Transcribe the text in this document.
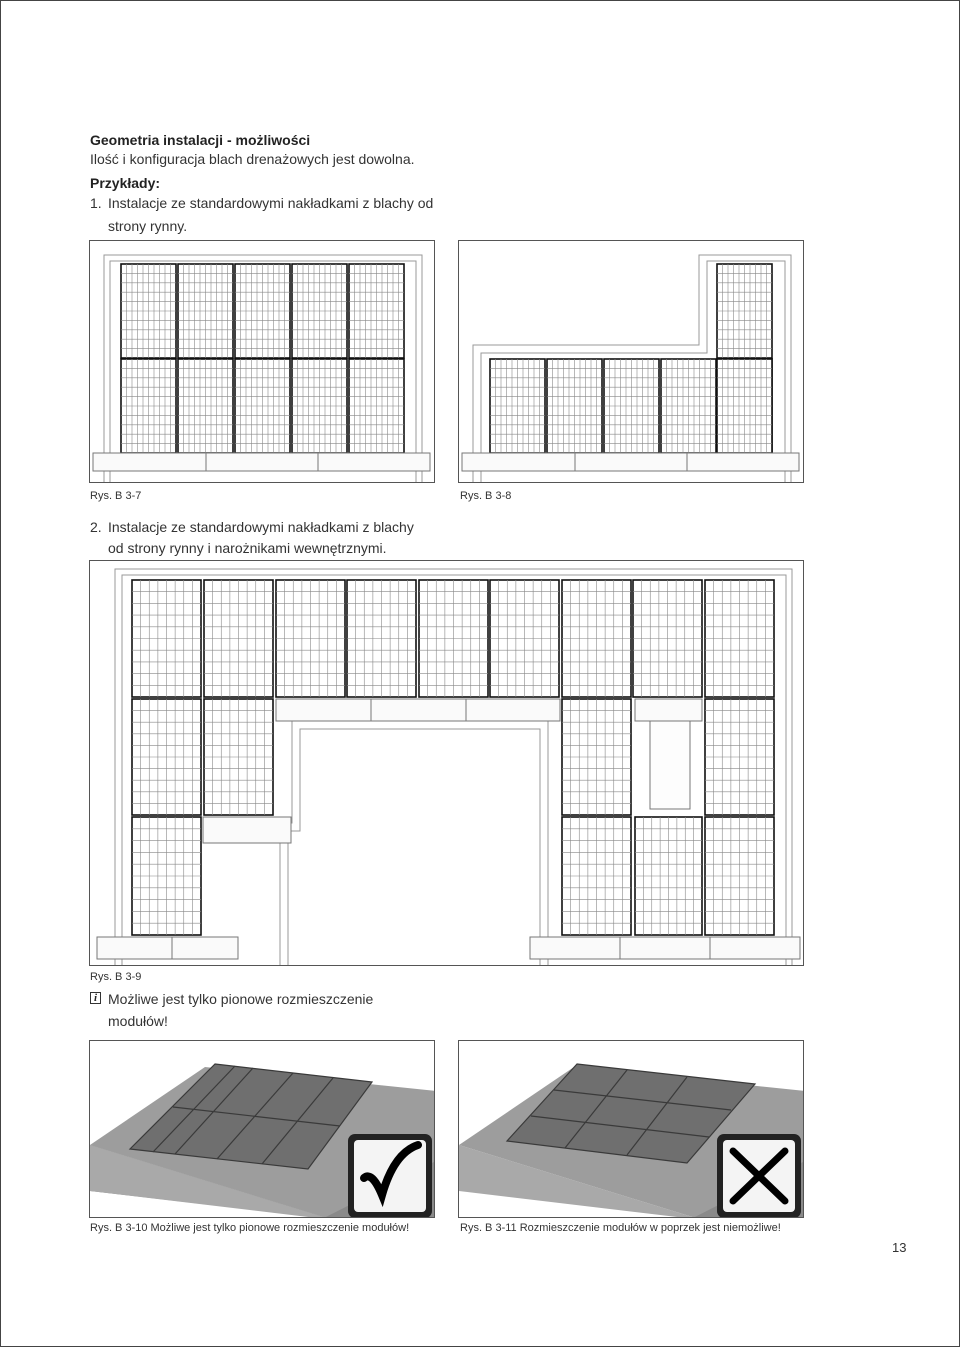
Geometria instalacji - możliwości
Ilość i konfiguracja blach drenażowych jest dowolna.
Przykłady:
1. Instalacje ze standardowymi nakładkami z blachy od
strony rynny.
Rys. B 3-7	Rys. B 3-8
2. Instalacje ze standardowymi nakładkami z blachy
od strony rynny i narożnikami wewnętrznymi.
Rys. B 3-9
i Możliwe jest tylko pionowe rozmieszczenie
modułów!
Rys. B 3-10 Możliwe jest tylko pionowe rozmieszczenie modułów!	Rys. B 3-11 Rozmieszczenie modułów w poprzek jest niemożliwe!
13
